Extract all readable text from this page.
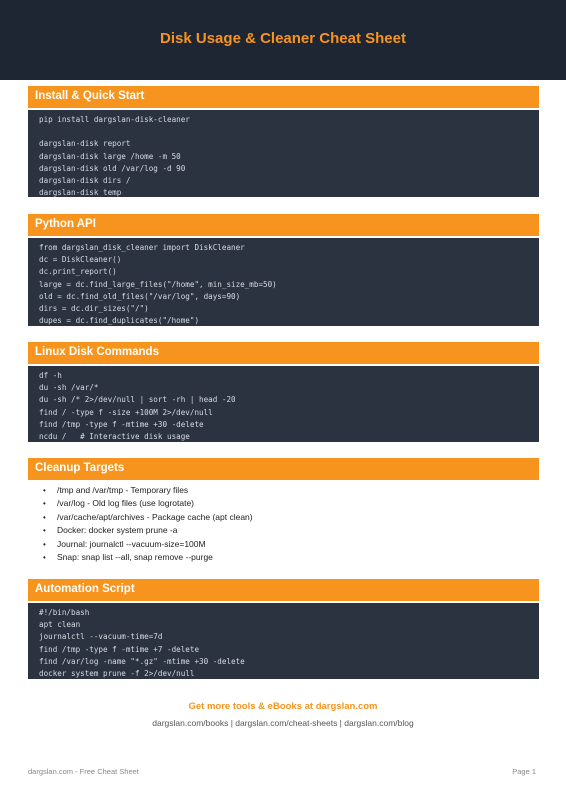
Disk Usage & Cleaner Cheat Sheet
Install & Quick Start
pip install dargslan-disk-cleaner
dargslan-disk report
dargslan-disk large /home -m 50
dargslan-disk old /var/log -d 90
dargslan-disk dirs /
dargslan-disk temp
Python API
from dargslan_disk_cleaner import DiskCleaner
dc = DiskCleaner()
dc.print_report()
large = dc.find_large_files("/home", min_size_mb=50)
old = dc.find_old_files("/var/log", days=90)
dirs = dc.dir_sizes("/")
dupes = dc.find_duplicates("/home")
Linux Disk Commands
df -h
du -sh /var/*
du -sh /* 2>/dev/null | sort -rh | head -20
find / -type f -size +100M 2>/dev/null
find /tmp -type f -mtime +30 -delete
ncdu /   # Interactive disk usage
Cleanup Targets
• /tmp and /var/tmp - Temporary files
• /var/log - Old log files (use logrotate)
• /var/cache/apt/archives - Package cache (apt clean)
• Docker: docker system prune -a
• Journal: journalctl --vacuum-size=100M
• Snap: snap list --all, snap remove --purge
Automation Script
#!/bin/bash
apt clean
journalctl --vacuum-time=7d
find /tmp -type f -mtime +7 -delete
find /var/log -name "*.gz" -mtime +30 -delete
docker system prune -f 2>/dev/null
Get more tools & eBooks at dargslan.com
dargslan.com/books | dargslan.com/cheat-sheets | dargslan.com/blog
dargslan.com - Free Cheat Sheet	Page 1
